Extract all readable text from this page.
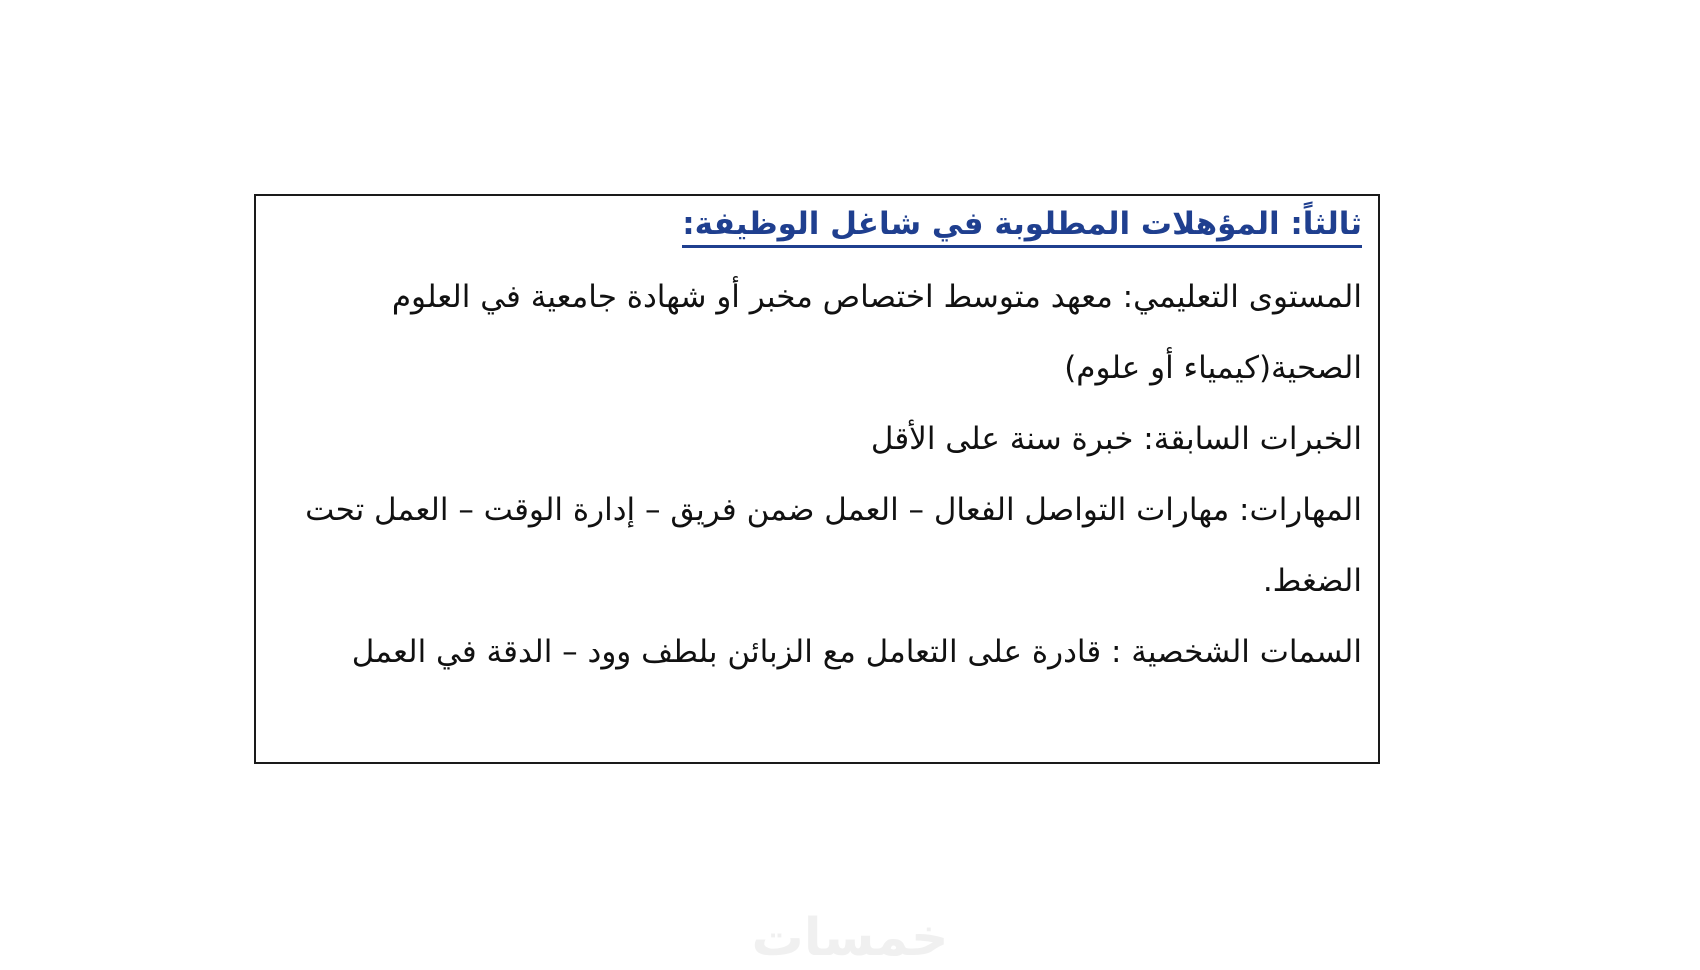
ثالثاً: المؤهلات المطلوبة في شاغل الوظيفة:

المستوى التعليمي: معهد متوسط اختصاص مخبر أو شهادة جامعية في العلوم الصحية(كيمياء أو علوم)

الخبرات السابقة: خبرة سنة على الأقل

المهارات: مهارات التواصل الفعال – العمل ضمن فريق – إدارة الوقت – العمل تحت الضغط.

السمات الشخصية : قادرة على التعامل مع الزبائن بلطف وود – الدقة في العمل

خمسات
